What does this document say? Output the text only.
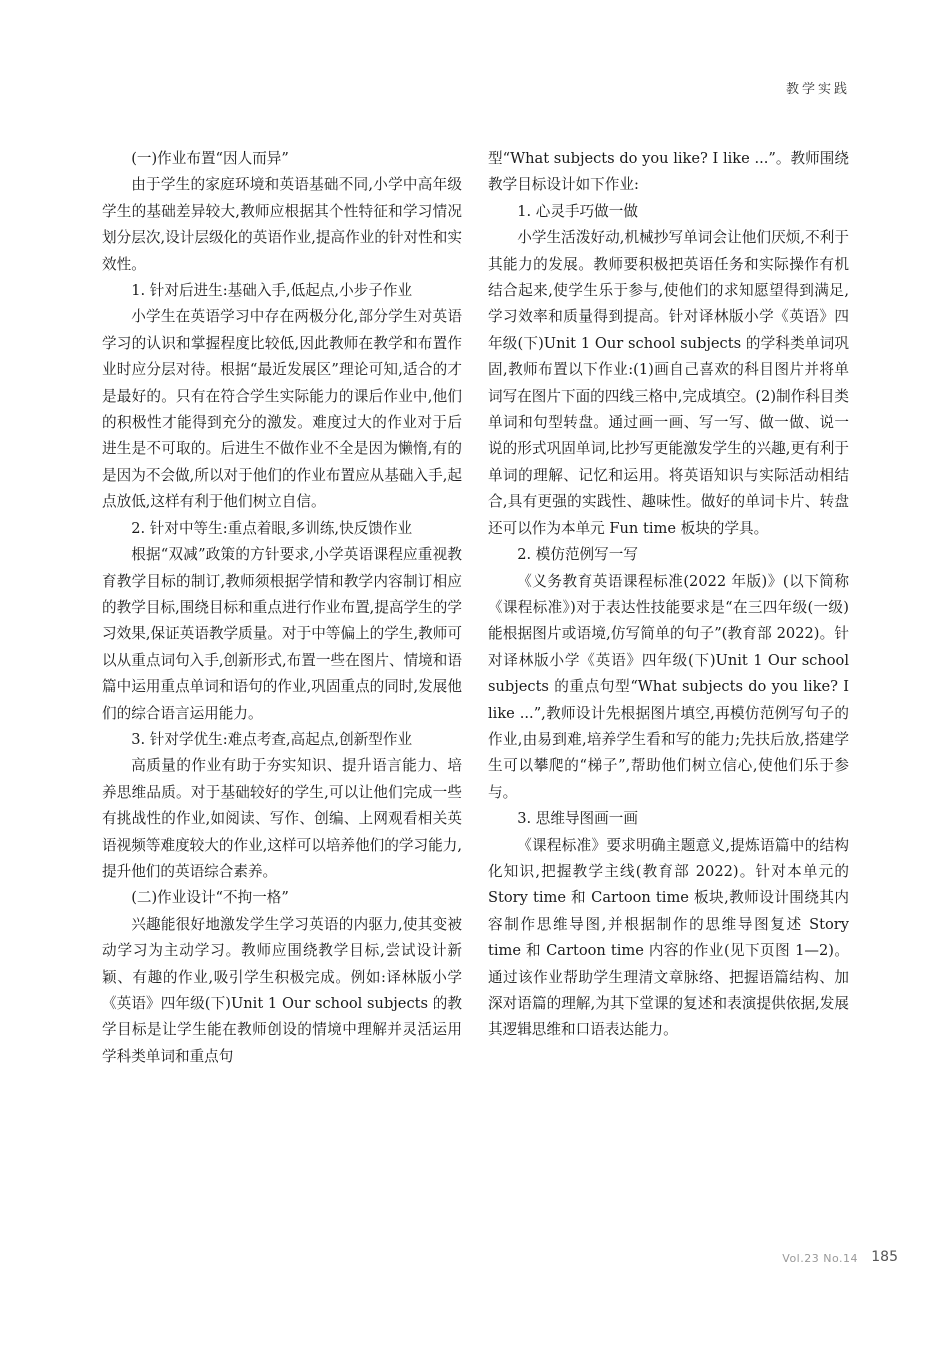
教学实践

(一)作业布置“因人而异”

由于学生的家庭环境和英语基础不同,小学中高年级学生的基础差异较大,教师应根据其个性特征和学习情况划分层次,设计层级化的英语作业,提高作业的针对性和实效性。

1. 针对后进生:基础入手,低起点,小步子作业

小学生在英语学习中存在两极分化,部分学生对英语学习的认识和掌握程度比较低,因此教师在教学和布置作业时应分层对待。根据“最近发展区”理论可知,适合的才是最好的。只有在符合学生实际能力的课后作业中,他们的积极性才能得到充分的激发。难度过大的作业对于后进生是不可取的。后进生不做作业不全是因为懒惰,有的是因为不会做,所以对于他们的作业布置应从基础入手,起点放低,这样有利于他们树立自信。

2. 针对中等生:重点着眼,多训练,快反馈作业

根据“双减”政策的方针要求,小学英语课程应重视教育教学目标的制订,教师须根据学情和教学内容制订相应的教学目标,围绕目标和重点进行作业布置,提高学生的学习效果,保证英语教学质量。对于中等偏上的学生,教师可以从重点词句入手,创新形式,布置一些在图片、情境和语篇中运用重点单词和语句的作业,巩固重点的同时,发展他们的综合语言运用能力。

3. 针对学优生:难点考查,高起点,创新型作业

高质量的作业有助于夯实知识、提升语言能力、培养思维品质。对于基础较好的学生,可以让他们完成一些有挑战性的作业,如阅读、写作、创编、上网观看相关英语视频等难度较大的作业,这样可以培养他们的学习能力,提升他们的英语综合素养。

(二)作业设计“不拘一格”

兴趣能很好地激发学生学习英语的内驱力,使其变被动学习为主动学习。教师应围绕教学目标,尝试设计新颖、有趣的作业,吸引学生积极完成。例如:译林版小学《英语》四年级(下)Unit 1 Our school subjects 的教学目标是让学生能在教师创设的情境中理解并灵活运用学科类单词和重点句

型“What subjects do you like? I like ...”。教师围绕教学目标设计如下作业:

1. 心灵手巧做一做

小学生活泼好动,机械抄写单词会让他们厌烦,不利于其能力的发展。教师要积极把英语任务和实际操作有机结合起来,使学生乐于参与,使他们的求知愿望得到满足,学习效率和质量得到提高。针对译林版小学《英语》四年级(下)Unit 1 Our school subjects 的学科类单词巩固,教师布置以下作业:(1)画自己喜欢的科目图片并将单词写在图片下面的四线三格中,完成填空。(2)制作科目类单词和句型转盘。通过画一画、写一写、做一做、说一说的形式巩固单词,比抄写更能激发学生的兴趣,更有利于单词的理解、记忆和运用。将英语知识与实际活动相结合,具有更强的实践性、趣味性。做好的单词卡片、转盘还可以作为本单元 Fun time 板块的学具。

2. 模仿范例写一写

《义务教育英语课程标准(2022 年版)》(以下简称《课程标准》)对于表达性技能要求是“在三四年级(一级)能根据图片或语境,仿写简单的句子”(教育部 2022)。针对译林版小学《英语》四年级(下)Unit 1 Our school subjects 的重点句型“What subjects do you like? I like ...”,教师设计先根据图片填空,再模仿范例写句子的作业,由易到难,培养学生看和写的能力;先扶后放,搭建学生可以攀爬的“梯子”,帮助他们树立信心,使他们乐于参与。

3. 思维导图画一画

《课程标准》要求明确主题意义,提炼语篇中的结构化知识,把握教学主线(教育部 2022)。针对本单元的 Story time 和 Cartoon time 板块,教师设计围绕其内容制作思维导图,并根据制作的思维导图复述 Story time 和 Cartoon time 内容的作业(见下页图 1—2)。通过该作业帮助学生理清文章脉络、把握语篇结构、加深对语篇的理解,为其下堂课的复述和表演提供依据,发展其逻辑思维和口语表达能力。

Vol.23 No.14 185
